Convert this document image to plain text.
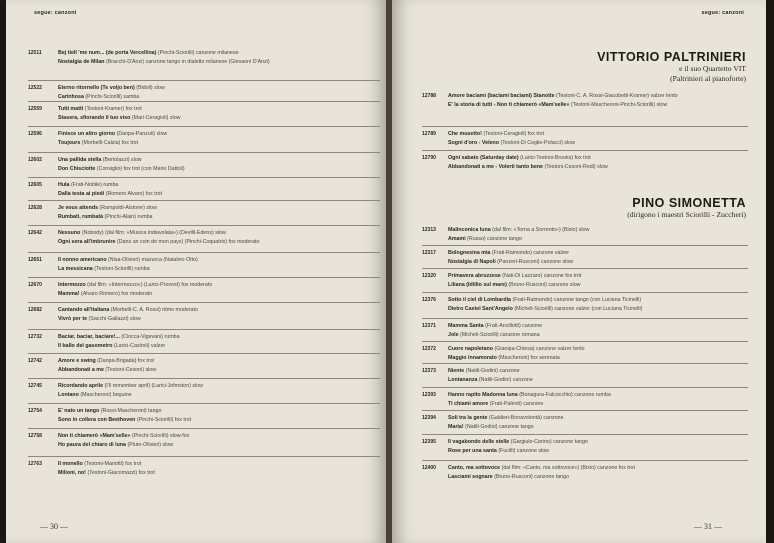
segue: canzoni
12511	Bej tiell 'me num... (de porta Vercellina) (Pinchi-Sciorilli) canzone milanese
Nostalgia de Milan (Bracchi-D'Anzi) canzone tango in dialetto milanese (Giovanni D'Anzi)
12522	Eterno ritornello (Te voljo ben) (Bidoli) slow
Carinhosa (Pinchi-Sciorilli) samba
12559	Tutti matti (Testoni-Kramer) fox trot
Stasera, sfiorando il tuo viso (Mari-Ceragioli) slow
12596	Finisce un altro giorno (Danpa-Panzuti) slow
Toujours (Morbelli-Calzia) fox trot
12602	Una pallida stella (Bertolazzi) slow
Don Chisciotte (Consiglio) fox trot (con Mario Dattoli)
12605	Hula (Frati-Nobile) rumba
Dalla testa ai piedi (Romero Alvaro) fox trot
12628	Je vous attends (Rampoldi-Alstone) slow
Rumbati, rumbatà (Pinchi-Alain) rumba
12642	Nessuno (Nobody) (dal film: «Musica indiavolata») (Devilli-Edens) slow
Ogni sera all'imbrunire (Dans un coin de mon pays) (Pinchi-Coquatrix) fox moderato
12651	Il nonno americano (Nisa-Olivieri) mazurca (Natalino Otto)
La messicana (Testoni-Sciorilli) rumba
12670	Intermezzo (dal film: «Intermezzo») (Larici-Provost) fox moderato
Mamma! (Alvaro Romero) fox moderato
12682	Cantando all'italiana (Morbelli-C. A. Rossi) ritmo moderato
Vivrò per te (Sacchi-Gallazzi) slow
12732	Baciar, baciar, baciare!... (Ciocca-Vigevani) rumba
Il ballo del gasometro (Larici-Casiroli) valzer
12742	Amore e swing (Danpa-Brigada) fox trot
Abbandonati a me (Testoni-Cesoni) slow
12745	Ricordando aprile (I'll remember april) (Larici-Johnston) slow
Lontano (Mascheroni) beguine
12754	E' nato un tango (Rossi-Mascheroni) tango
Sono in collera con Beethoven (Pinchi-Sciorilli) fox trot
12758	Non ti chiamerò «Mam'selle» (Pinchi-Sciorilli) slow-fox
Ho paura del chiaro di luna (Pluto-Olivieri) slow
12763	Il monello (Testoni-Mariotti) fox trot
Milioni, no! (Testoni-Giacomazzi) fox trot
— 30 —
segue: canzoni
VITTORIO PALTRINIERI
e il suo Quartetto VIT
(Paltrinieri al pianoforte)
12788 Amore baciami (baciami baciami) Stanotte (Testoni-C. A. Rossi-Giacobetti-Kramer) valzer lento
E' la storia di tutti - Non ti chiamerò «Mam'selle» (Testoni-Mascheroni-Pinchi-Sciorilli) slow
12789 Che musetto! (Testoni-Ceragioli) fox trot
Sogni d'oro - Veleno (Testoni-Di Ceglie-Polacci) slow
12790 Ogni sabato (Saturday date) (Larici-Testoni-Brooks) fox trot
Abbandonati a me - Volerti tanto bene (Testoni-Cesoni-Redi) slow
PINO SIMONETTA
(dirigono i maestri Sciorilli - Zuccheri)
12313 Malinconica luna (dal film: «Torna a Sorrento») (Bixio) slow
Amami (Russo) canzone tango
12317 Bolognesina mia (Frati-Raimondo) canzone valzer
Nostalgia di Napoli (Panzeri-Rusconi) canzone slow
12320 Primavera abruzzese (Nati-Di Lazzaro) canzone fox trot
Liliana (Idillio sul mare) (Bruno-Rusconi) canzone slow
12376 Sotto il ciel di Lombardia (Frati-Raimondo) canzone tango (con Luciana Ticinelli)
Dietro Castel Sant'Angelo (Micheli-Sciorilli) canzone valzer (con Luciana Ticinelli)
12371 Mamma Santa (Frati-Ancillotti) canzone
Jole (Micheli-Sciorilli) canzone romana
12372 Cuore napoletano (Gianipa-Chiesa) canzone valzer lento
Maggio innamorato (Mascheroni) fox serenata
12373 Niente (Natili-Godini) canzone
Lontananza (Natili-Godini) canzone
12393 Hanno rapito Madonna luna (Bonagura-Falcocchio) canzone rumba
Ti chiami amore (Frati-Palenti) canzone
12394 Soli tra la gente (Galdieri-Bonavolontà) canzone
Maria! (Natili-Godini) canzone tango
12395 Il vagabondo delle stelle (Gargiulo-Cerino) canzone tango
Rose per una santa (Fucilli) canzone slow
12400 Canto, ma sottovoce (dal film: «Canto, ma sottovoce») (Bixio) canzone fox trot
Lasciami sognare (Bruno-Rusconi) canzone tango
— 31 —
